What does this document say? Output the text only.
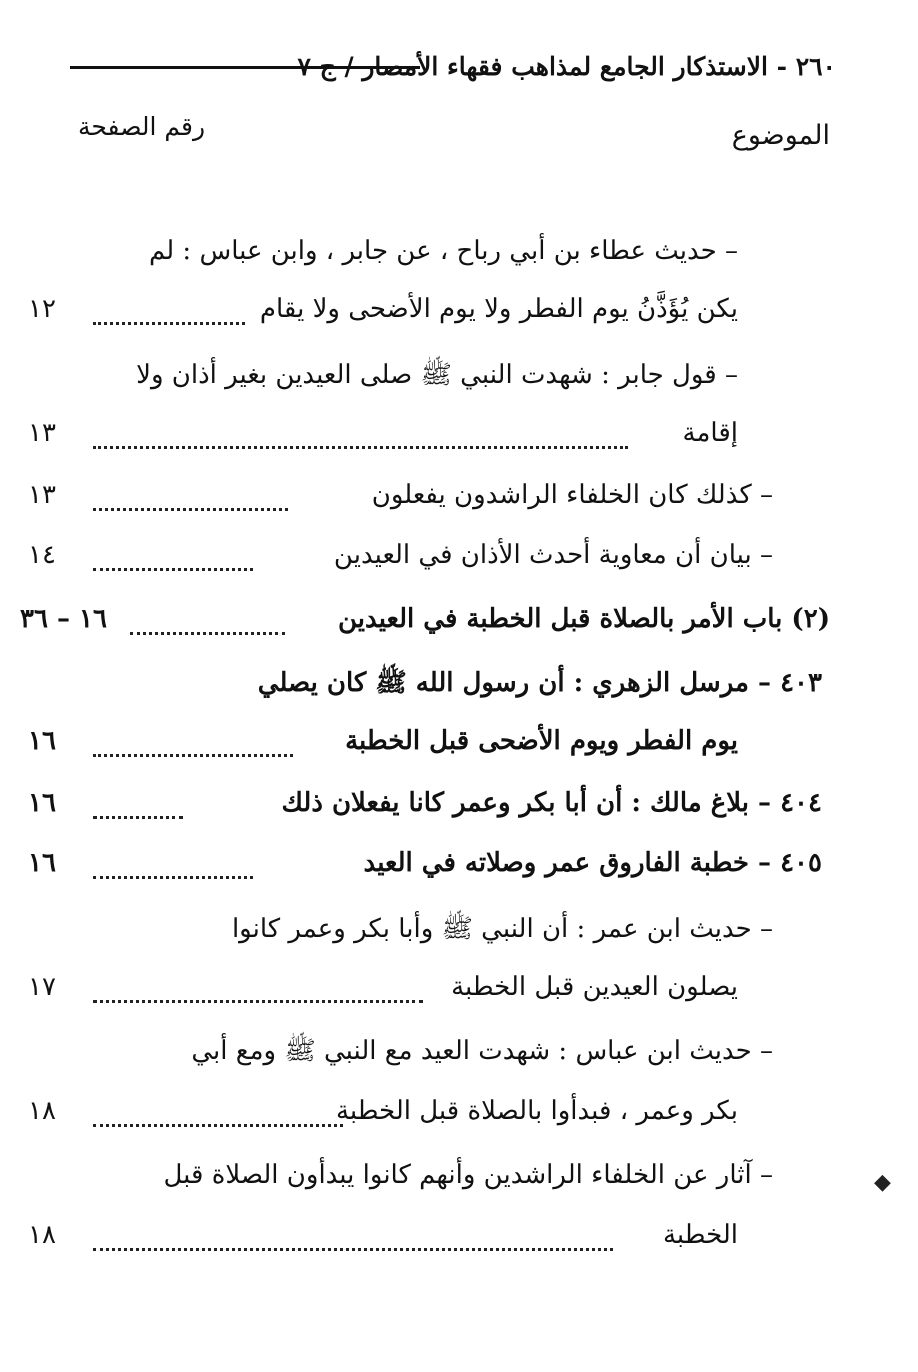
٢٦٠ - الاستذكار الجامع لمذاهب فقهاء الأمصار / ج ٧
الموضوع
رقم الصفحة
– حديث عطاء بن أبي رباح ، عن جابر ، وابن عباس : لم
يكن يُؤَذَّنُ يوم الفطر ولا يوم الأضحى ولا يقام
١٢
– قول جابر : شهدت النبي ﷺ صلى العيدين بغير أذان ولا
إقامة
١٣
– كذلك كان الخلفاء الراشدون يفعلون
١٣
– بيان أن معاوية أحدث الأذان في العيدين
١٤
(٢) باب الأمر بالصلاة قبل الخطبة في العيدين
١٦ – ٣٦
٤٠٣ – مرسل الزهري : أن رسول الله ﷺ كان يصلي
يوم الفطر ويوم الأضحى قبل الخطبة
١٦
٤٠٤ – بلاغ مالك : أن أبا بكر وعمر كانا يفعلان ذلك
١٦
٤٠٥ – خطبة الفاروق عمر وصلاته في العيد
١٦
– حديث ابن عمر : أن النبي ﷺ وأبا بكر وعمر كانوا
يصلون العيدين قبل الخطبة
١٧
– حديث ابن عباس : شهدت العيد مع النبي ﷺ ومع أبي
بكر وعمر ، فبدأوا بالصلاة قبل الخطبة
١٨
– آثار عن الخلفاء الراشدين وأنهم كانوا يبدأون الصلاة قبل
الخطبة
١٨
◆
